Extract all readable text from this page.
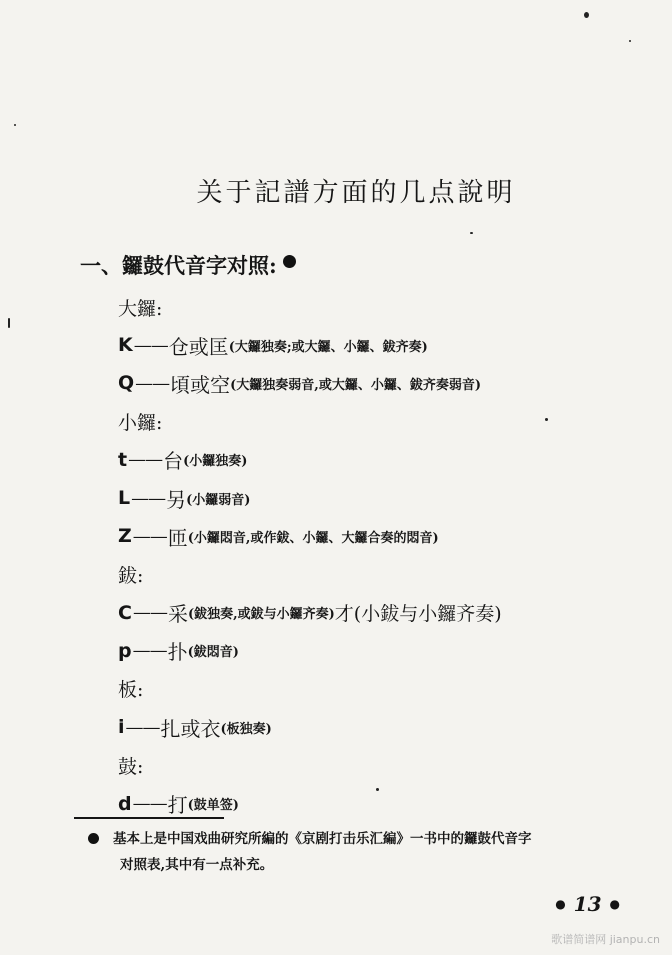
关于記譜方面的几点說明
一、鑼鼓代音字对照:
大鑼:
K —— 仓或匡 (大鑼独奏;或大鑼、小鑼、鈸齐奏)
Q —— 頃或空 (大鑼独奏弱音,或大鑼、小鑼、鈸齐奏弱音)
小鑼:
t —— 台 (小鑼独奏)
L —— 另 (小鑼弱音)
Z —— 匝 (小鑼悶音,或作鈸、小鑼、大鑼合奏的悶音)
鈸:
C —— 采 (鈸独奏,或鈸与小鑼齐奏) 才(小鈸与小鑼齐奏)
p —— 扑 (鈸悶音)
板:
i —— 扎或衣 (板独奏)
鼓:
d —— 打 (鼓单签)
基本上是中国戏曲研究所編的《京剧打击乐汇編》一书中的鑼鼓代音字
对照表,其中有一点补充。
● 13 ●
歌谱简谱网 jianpu.cn
